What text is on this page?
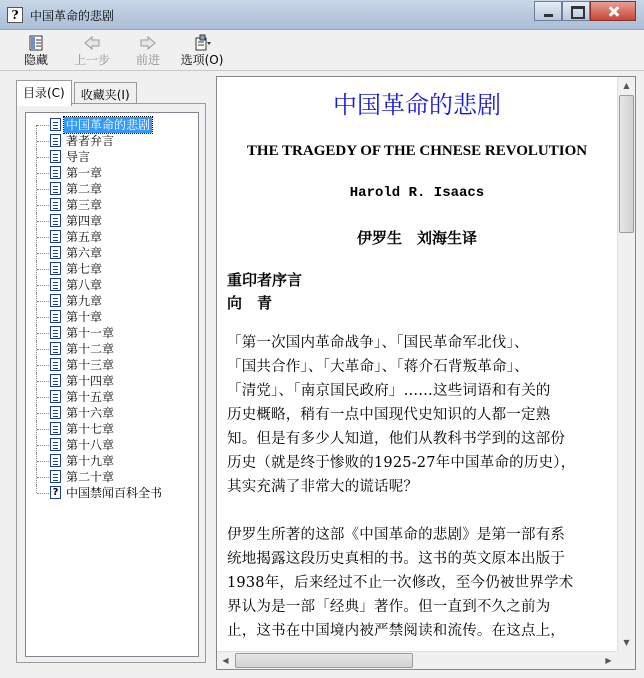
? 中国革命的悲剧
隐藏	上一步	前进	选项(O)
目录(C)	收藏夹(I)
中国革命的悲剧
著者弁言
导言
第一章
第二章
第三章
第四章
第五章
第六章
第七章
第八章
第九章
第十章
第十一章
第十二章
第十三章
第十四章
第十五章
第十六章
第十七章
第十八章
第十九章
第二十章
? 中国禁闻百科全书
中国革命的悲剧
THE TRAGEDY OF THE CHNESE REVOLUTION
Harold R. Isaacs
伊罗生　刘海生译
重印者序言
向　青
「第一次国内革命战争」、「国民革命军北伐」、
「国共合作」、「大革命」、「蒋介石背叛革命」、
「清党」、「南京国民政府」……这些词语和有关的
历史概略，稍有一点中国现代史知识的人都一定熟
知。但是有多少人知道，他们从教科书学到的这部份
历史（就是终于惨败的1925-27年中国革命的历史），
其实充满了非常大的谎话呢？
伊罗生所著的这部《中国革命的悲剧》是第一部有系
统地揭露这段历史真相的书。这书的英文原本出版于
1938年，后来经过不止一次修改，至今仍被世界学术
界认为是一部「经典」著作。但一直到不久之前为
止，这书在中国境内被严禁阅读和流传。在这点上，
▲
▼
◀	▶
